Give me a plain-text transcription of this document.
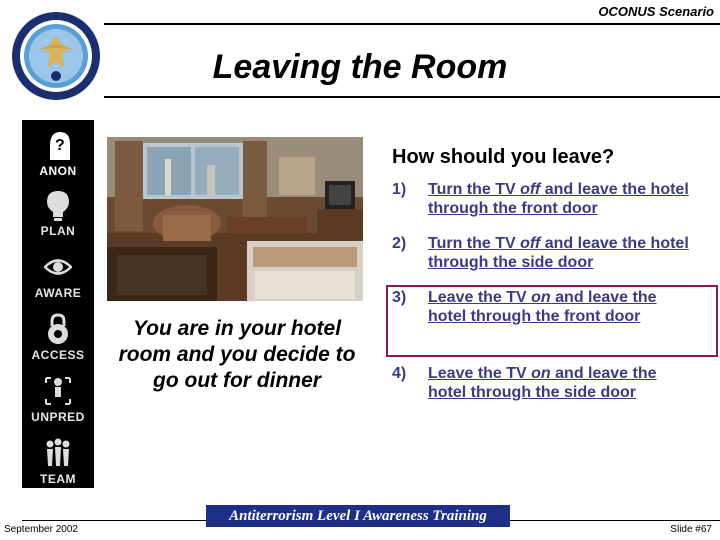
OCONUS Scenario
Leaving the Room
?
ANON
PLAN
AWARE
ACCESS
UNPRED
TEAM
You are in your hotel room and you decide to go out for dinner
How should you leave?
1) Turn the TV off and leave the hotel through the front door
2) Turn the TV off and leave the hotel through the side door
3) Leave the TV on and leave the hotel through the front door
4) Leave the TV on and leave the hotel through the side door
Antiterrorism Level I Awareness Training
September 2002	Slide #67
